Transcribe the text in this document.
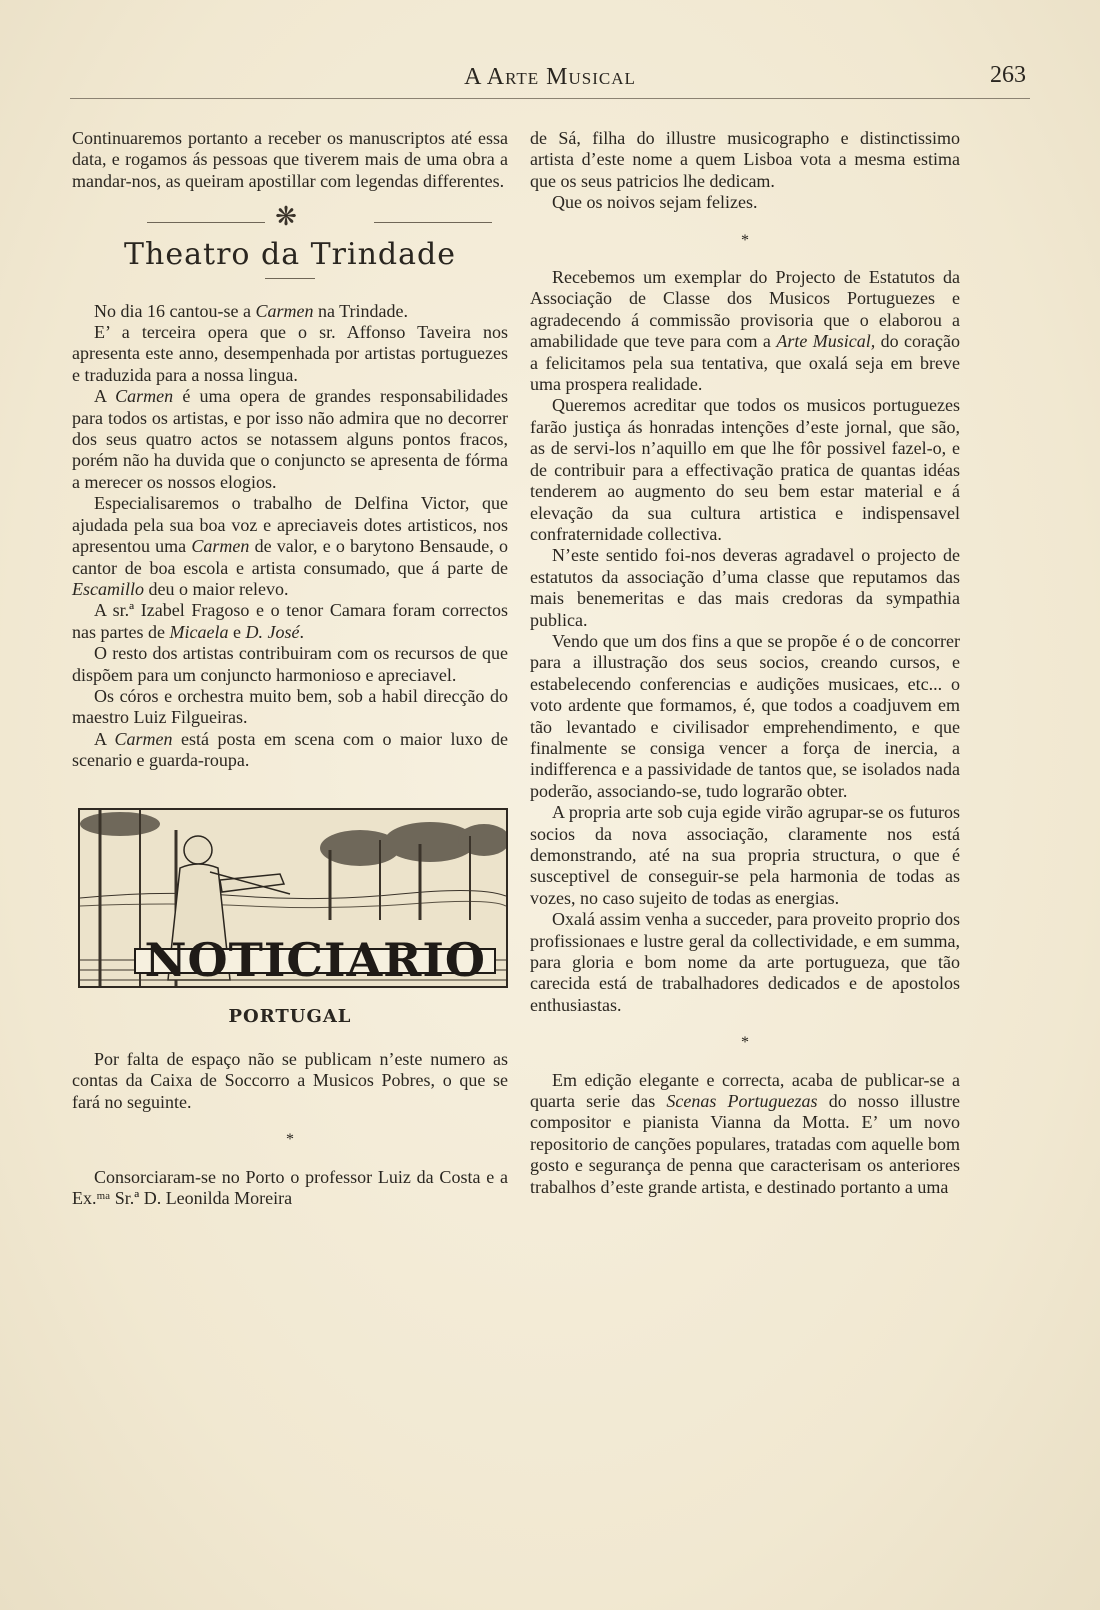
A Arte Musical	263

Continuaremos portanto a receber os manuscriptos até essa data, e rogamos ás pessoas que tiverem mais de uma obra a mandar-nos, as queiram apostillar com legendas differentes.

❋
Theatro da Trindade

No dia 16 cantou-se a Carmen na Trindade.

E’ a terceira opera que o sr. Affonso Taveira nos apresenta este anno, desempenhada por artistas portuguezes e traduzida para a nossa lingua.

A Carmen é uma opera de grandes responsabilidades para todos os artistas, e por isso não admira que no decorrer dos seus quatro actos se notassem alguns pontos fracos, porém não ha duvida que o conjuncto se apresenta de fórma a merecer os nossos elogios.

Especialisaremos o trabalho de Delfina Victor, que ajudada pela sua boa voz e apreciaveis dotes artisticos, nos apresentou uma Carmen de valor, e o barytono Bensaude, o cantor de boa escola e artista consumado, que á parte de Escamillo deu o maior relevo.

A sr.ª Izabel Fragoso e o tenor Camara foram correctos nas partes de Micaela e D. José.

O resto dos artistas contribuiram com os recursos de que dispõem para um conjuncto harmonioso e apreciavel.

Os córos e orchestra muito bem, sob a habil direcção do maestro Luiz Filgueiras.

A Carmen está posta em scena com o maior luxo de scenario e guarda-roupa.

NOTICIARIO
PORTUGAL

Por falta de espaço não se publicam n’este numero as contas da Caixa de Soccorro a Musicos Pobres, o que se fará no seguinte.

*

Consorciaram-se no Porto o professor Luiz da Costa e a Ex.ᵐᵃ Sr.ª D. Leonilda Moreira

de Sá, filha do illustre musicographo e distinctissimo artista d’este nome a quem Lisboa vota a mesma estima que os seus patricios lhe dedicam.

Que os noivos sejam felizes.

*

Recebemos um exemplar do Projecto de Estatutos da Associação de Classe dos Musicos Portuguezes e agradecendo á commissão provisoria que o elaborou a amabilidade que teve para com a Arte Musical, do coração a felicitamos pela sua tentativa, que oxalá seja em breve uma prospera realidade.

Queremos acreditar que todos os musicos portuguezes farão justiça ás honradas intenções d’este jornal, que são, as de servi-los n’aquillo em que lhe fôr possivel fazel-o, e de contribuir para a effectivação pratica de quantas idéas tenderem ao augmento do seu bem estar material e á elevação da sua cultura artistica e indispensavel confraternidade collectiva.

N’este sentido foi-nos deveras agradavel o projecto de estatutos da associação d’uma classe que reputamos das mais benemeritas e das mais credoras da sympathia publica.

Vendo que um dos fins a que se propõe é o de concorrer para a illustração dos seus socios, creando cursos, e estabelecendo conferencias e audições musicaes, etc... o voto ardente que formamos, é, que todos a coadjuvem em tão levantado e civilisador emprehendimento, e que finalmente se consiga vencer a força de inercia, a indifferenca e a passividade de tantos que, se isolados nada poderão, associando-se, tudo lograrão obter.

A propria arte sob cuja egide virão agrupar-se os futuros socios da nova associação, claramente nos está demonstrando, até na sua propria structura, o que é susceptivel de conseguir-se pela harmonia de todas as vozes, no caso sujeito de todas as energias.

Oxalá assim venha a succeder, para proveito proprio dos profissionaes e lustre geral da collectividade, e em summa, para gloria e bom nome da arte portugueza, que tão carecida está de trabalhadores dedicados e de apostolos enthusiastas.

*

Em edição elegante e correcta, acaba de publicar-se a quarta serie das Scenas Portuguezas do nosso illustre compositor e pianista Vianna da Motta. E’ um novo repositorio de canções populares, tratadas com aquelle bom gosto e segurança de penna que caracterisam os anteriores trabalhos d’este grande artista, e destinado portanto a uma
